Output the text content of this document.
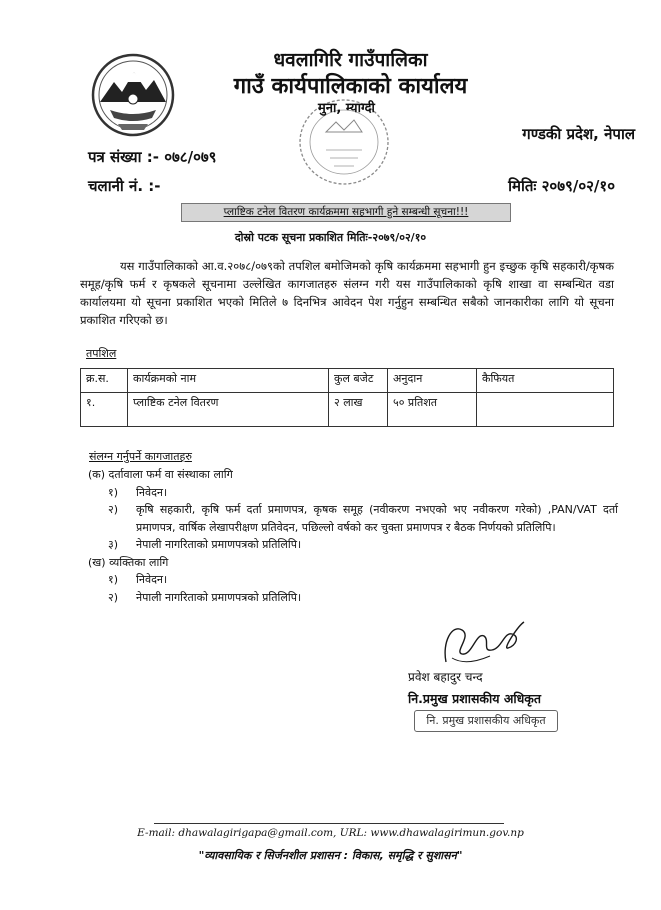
धवलागिरि गाउँपालिका
गाउँ कार्यपालिकाको कार्यालय
मुना, म्याग्दी
गण्डकी प्रदेश, नेपाल
पत्र संख्या :- ०७८/०७९
चलानी नं. :-	मितिः २०७९/०२/१०
प्लाष्टिक टनेल वितरण कार्यक्रममा सहभागी हुने सम्बन्धी सूचना!!!
दोस्रो पटक सूचना प्रकाशित मितिः-२०७९/०२/१०
यस गाउँपालिकाको आ.व.२०७८/०७९को तपशिल बमोजिमको कृषि कार्यक्रममा सहभागी हुन इच्छुक कृषि सहकारी/कृषक समूह/कृषि फर्म र कृषकले सूचनामा उल्लेखित कागजातहरु संलग्न गरी यस गाउँपालिकाको कृषि शाखा वा सम्बन्धित वडा कार्यालयमा यो सूचना प्रकाशित भएको मितिले ७ दिनभित्र आवेदन पेश गर्नुहुन सम्बन्धित सबैको जानकारीका लागि यो सूचना प्रकाशित गरिएको छ।
तपशिल
क्र.स.	कार्यक्रमको नाम	कुल बजेट	अनुदान	कैफियत
१.	प्लाष्टिक टनेल वितरण	२ लाख	५० प्रतिशत	
संलग्न गर्नुपर्ने कागजातहरु
(क) दर्तावाला फर्म वा संस्थाका लागि
१)	निवेदन।
२)	कृषि सहकारी, कृषि फर्म दर्ता प्रमाणपत्र, कृषक समूह (नवीकरण नभएको भए नवीकरण गरेको) ,PAN/VAT दर्ता प्रमाणपत्र, वार्षिक लेखापरीक्षण प्रतिवेदन, पछिल्लो वर्षको कर चुक्ता प्रमाणपत्र र बैठक निर्णयको प्रतिलिपि।
३)	नेपाली नागरिताको प्रमाणपत्रको प्रतिलिपि।
(ख) व्यक्तिका लागि
१)	निवेदन।
२)	नेपाली नागरिताको प्रमाणपत्रको प्रतिलिपि।
प्रवेश बहादुर चन्द
नि.प्रमुख प्रशासकीय अधिकृत
नि. प्रमुख प्रशासकीय अधिकृत
E-mail: dhawalagirigapa@gmail.com, URL: www.dhawalagirimun.gov.np
"व्यावसायिक र सिर्जनशील प्रशासन : विकास, समृद्धि र सुशासन"
